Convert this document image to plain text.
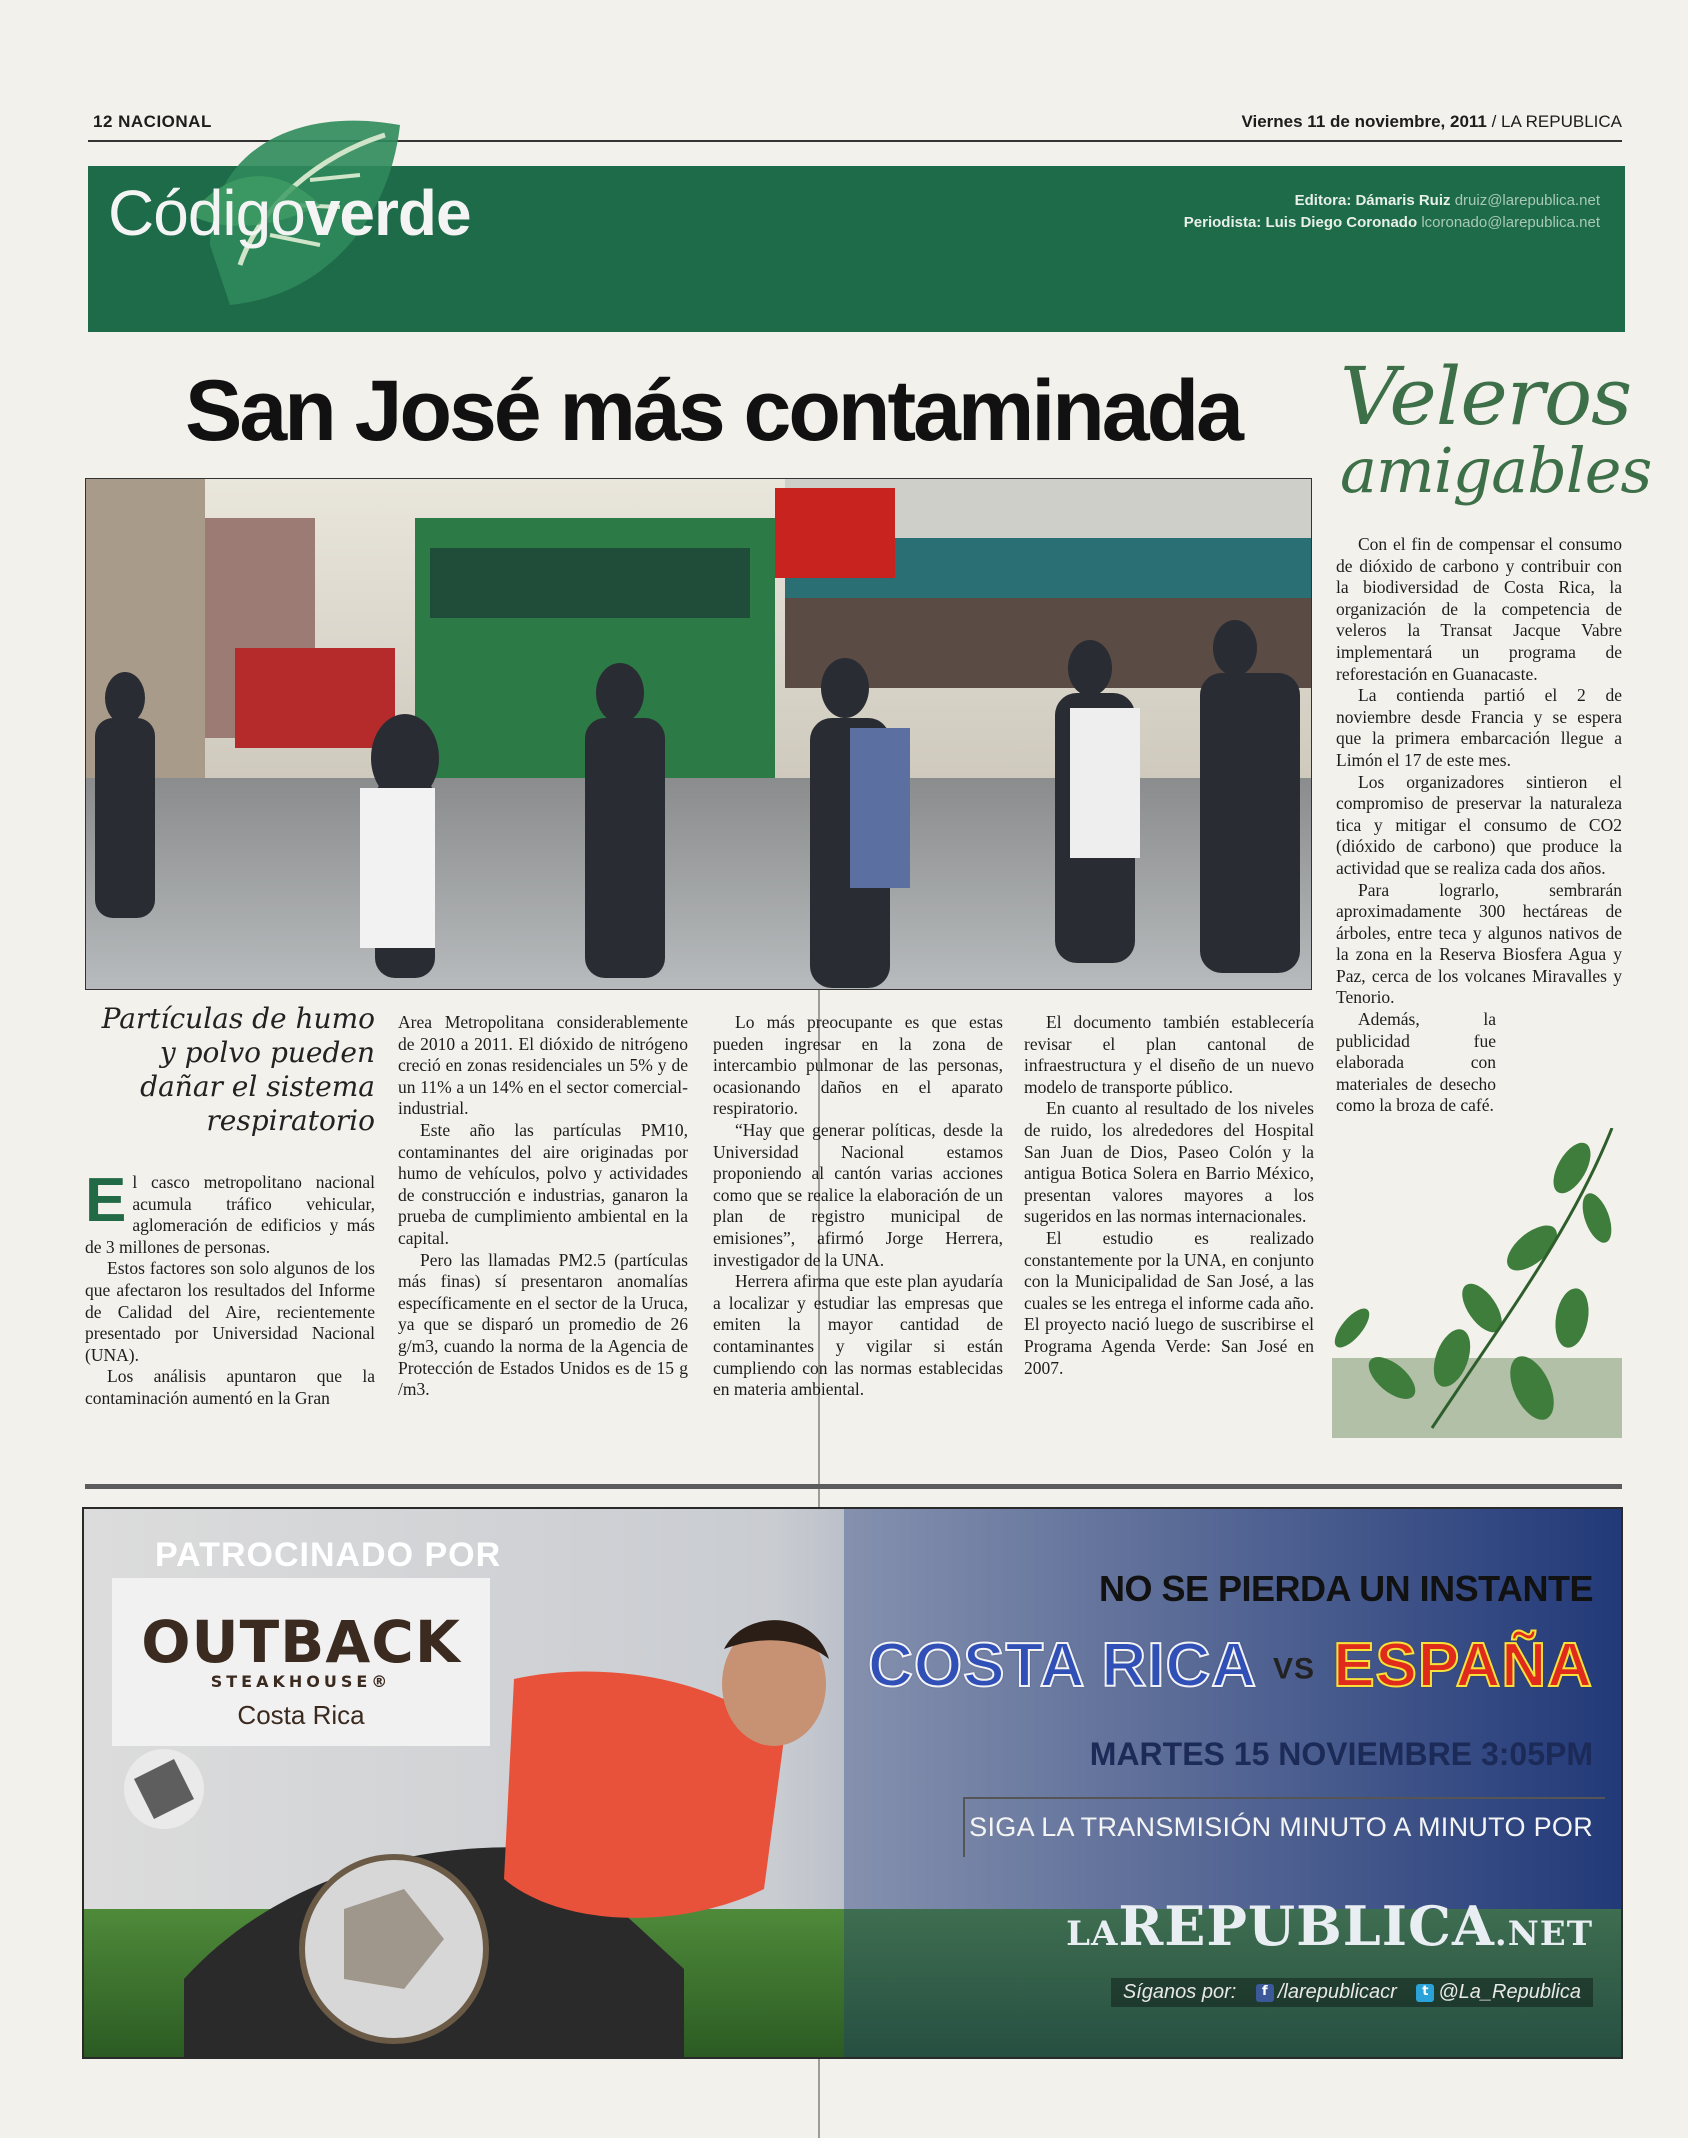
12 NACIONAL	Viernes 11 de noviembre, 2011 / LA REPUBLICA
Códigoverde	Editora: Dámaris Ruiz druiz@larepublica.net
Periodista: Luis Diego Coronado lcoronado@larepublica.net
San José más contaminada Veleros
amigables
Partículas de humo y polvo pueden dañar el sistema respiratorio
E l casco metropolitano nacional acumula tráfico vehicular, aglomeración de edificios y más de 3 millones de personas.

Estos factores son solo algunos de los que afectaron los resultados del Informe de Calidad del Aire, recientemente presentado por Universidad Nacional (UNA).

Los análisis apuntaron que la contaminación aumentó en la Gran

Area Metropolitana considerablemente de 2010 a 2011. El dióxido de nitrógeno creció en zonas residenciales un 5% y de un 11% a un 14% en el sector comercial-industrial.

Este año las partículas PM10, contaminantes del aire originadas por humo de vehículos, polvo y actividades de construcción e industrias, ganaron la prueba de cumplimiento ambiental en la capital.

Pero las llamadas PM2.5 (partículas más finas) sí presentaron anomalías específicamente en el sector de la Uruca, ya que se disparó un promedio de 26 g/m3, cuando la norma de la Agencia de Protección de Estados Unidos es de 15 g /m3.

Lo más preocupante es que estas pueden ingresar en la zona de intercambio pulmonar de las personas, ocasionando daños en el aparato respiratorio.

“Hay que generar políticas, desde la Universidad Nacional estamos proponiendo al cantón varias acciones como que se realice la elaboración de un plan de registro municipal de emisiones”, afirmó Jorge Herrera, investigador de la UNA.

Herrera afirma que este plan ayudaría a localizar y estudiar las empresas que emiten la mayor cantidad de contaminantes y vigilar si están cumpliendo con las normas establecidas en materia ambiental.

El documento también establecería revisar el plan cantonal de infraestructura y el diseño de un nuevo modelo de transporte público.

En cuanto al resultado de los niveles de ruido, los alrededores del Hospital San Juan de Dios, Paseo Colón y la antigua Botica Solera en Barrio México, presentan valores mayores a los sugeridos en las normas internacionales.

El estudio es realizado constantemente por la UNA, en conjunto con la Municipalidad de San José, a las cuales se les entrega el informe cada año. El proyecto nació luego de suscribirse el Programa Agenda Verde: San José en 2007.

Con el fin de compensar el consumo de dióxido de carbono y contribuir con la biodiversidad de Costa Rica, la organización de la competencia de veleros la Transat Jacque Vabre implementará un programa de reforestación en Guanacaste.

La contienda partió el 2 de noviembre desde Francia y se espera que la primera embarcación llegue a Limón el 17 de este mes.

Los organizadores sintieron el compromiso de preservar la naturaleza tica y mitigar el consumo de CO2 (dióxido de carbono) que produce la actividad que se realiza cada dos años.

Para lograrlo, sembrarán aproximadamente 300 hectáreas de árboles, entre teca y algunos nativos de la zona en la Reserva Biosfera Agua y Paz, cerca de los volcanes Miravalles y Tenorio.

Además, la publicidad fue elaborada con materiales de desecho como la broza de café.

PATROCINADO POR
OUTBACK
STEAKHOUSE®
Costa Rica
NO SE PIERDA UN INSTANTE
COSTA RICA VS ESPAÑA
MARTES 15 NOVIEMBRE 3:05PM
SIGA LA TRANSMISIÓN MINUTO A MINUTO POR
LAREPUBLICA.NET
Síganos por: f /larepublicacr t @La_Republica
